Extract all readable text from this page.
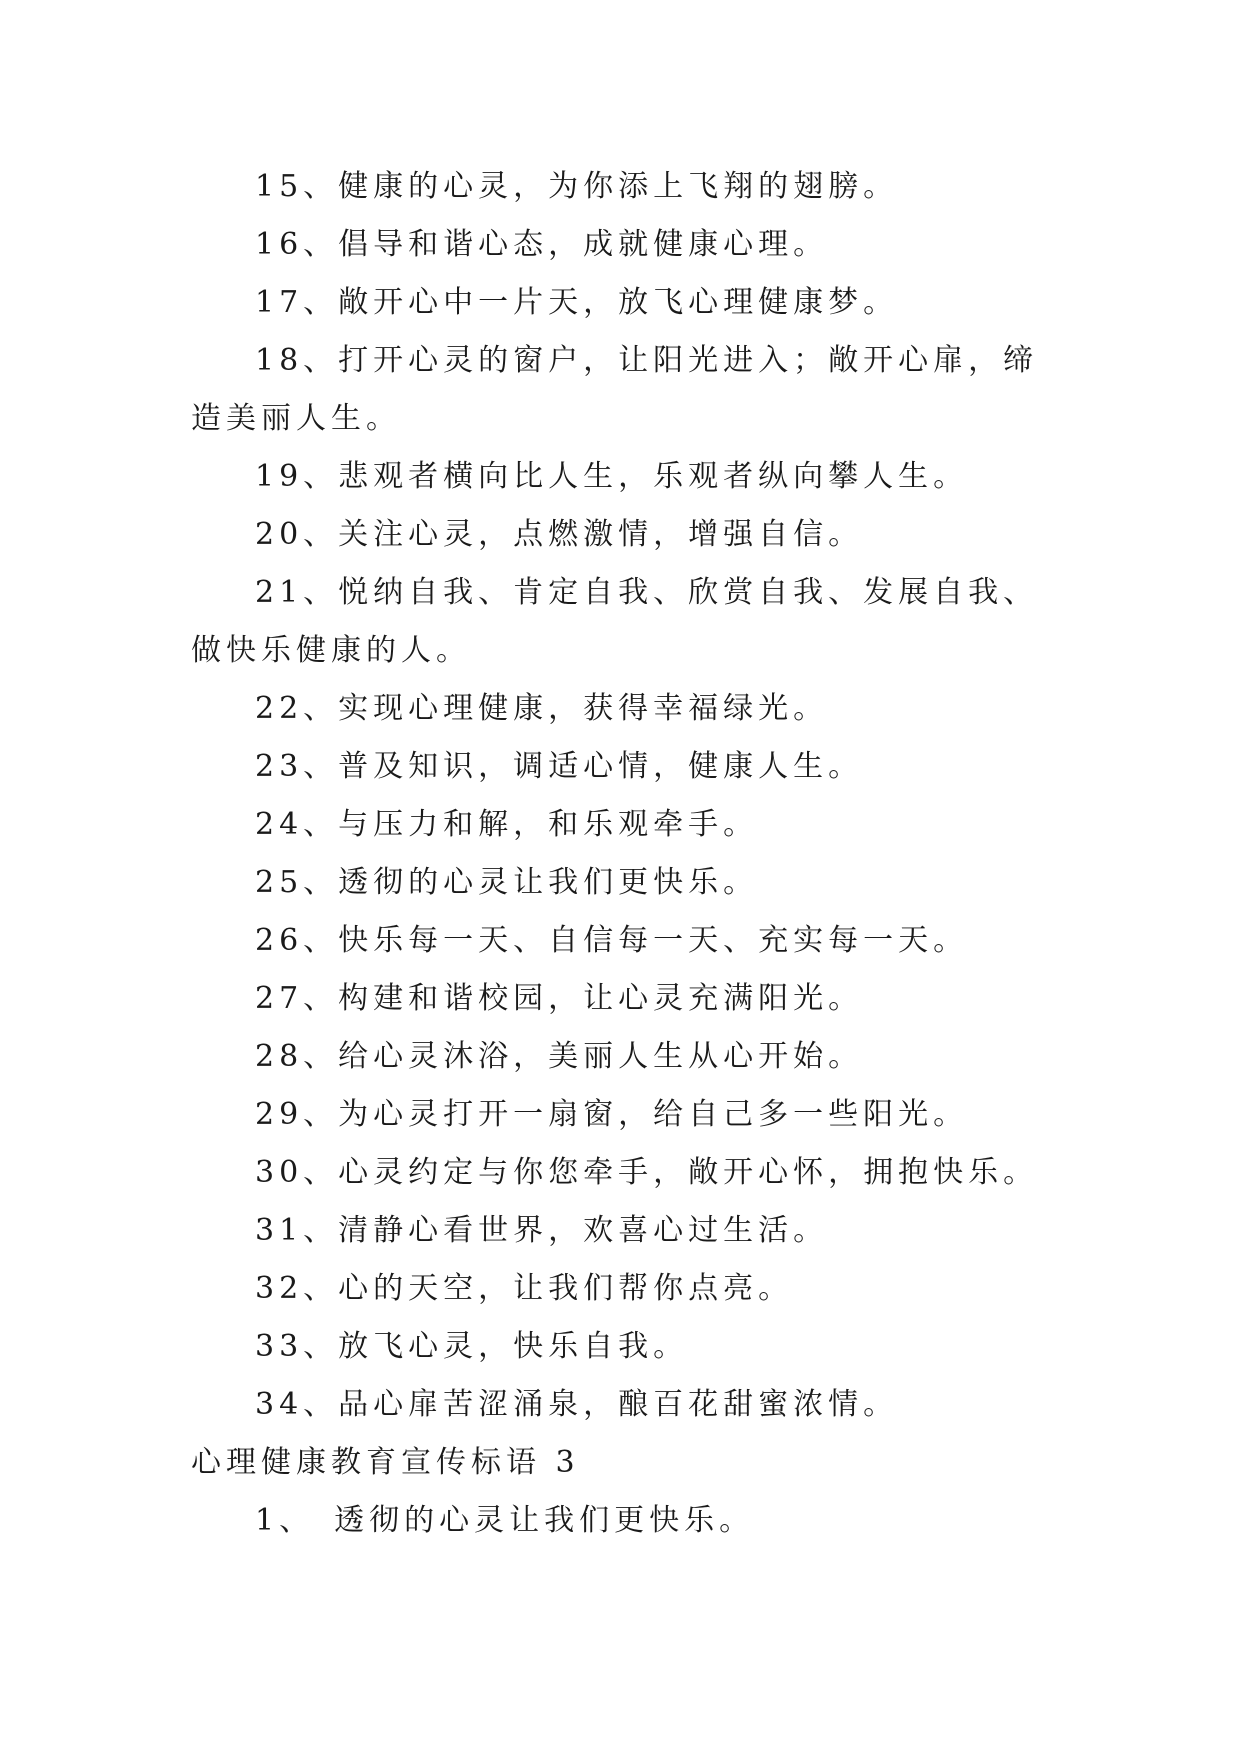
15、健康的心灵，为你添上飞翔的翅膀。

16、倡导和谐心态，成就健康心理。

17、敞开心中一片天，放飞心理健康梦。

18、打开心灵的窗户，让阳光进入；敞开心扉，缔造美丽人生。

19、悲观者横向比人生，乐观者纵向攀人生。

20、关注心灵，点燃激情，增强自信。

21、悦纳自我、肯定自我、欣赏自我、发展自我、做快乐健康的人。

22、实现心理健康，获得幸福绿光。

23、普及知识，调适心情，健康人生。

24、与压力和解，和乐观牵手。

25、透彻的心灵让我们更快乐。

26、快乐每一天、自信每一天、充实每一天。

27、构建和谐校园，让心灵充满阳光。

28、给心灵沐浴，美丽人生从心开始。

29、为心灵打开一扇窗，给自己多一些阳光。

30、心灵约定与你您牵手，敞开心怀，拥抱快乐。

31、清静心看世界，欢喜心过生活。

32、心的天空，让我们帮你点亮。

33、放飞心灵，快乐自我。

34、品心扉苦涩涌泉，酿百花甜蜜浓情。

心理健康教育宣传标语 3

1、　透彻的心灵让我们更快乐。
